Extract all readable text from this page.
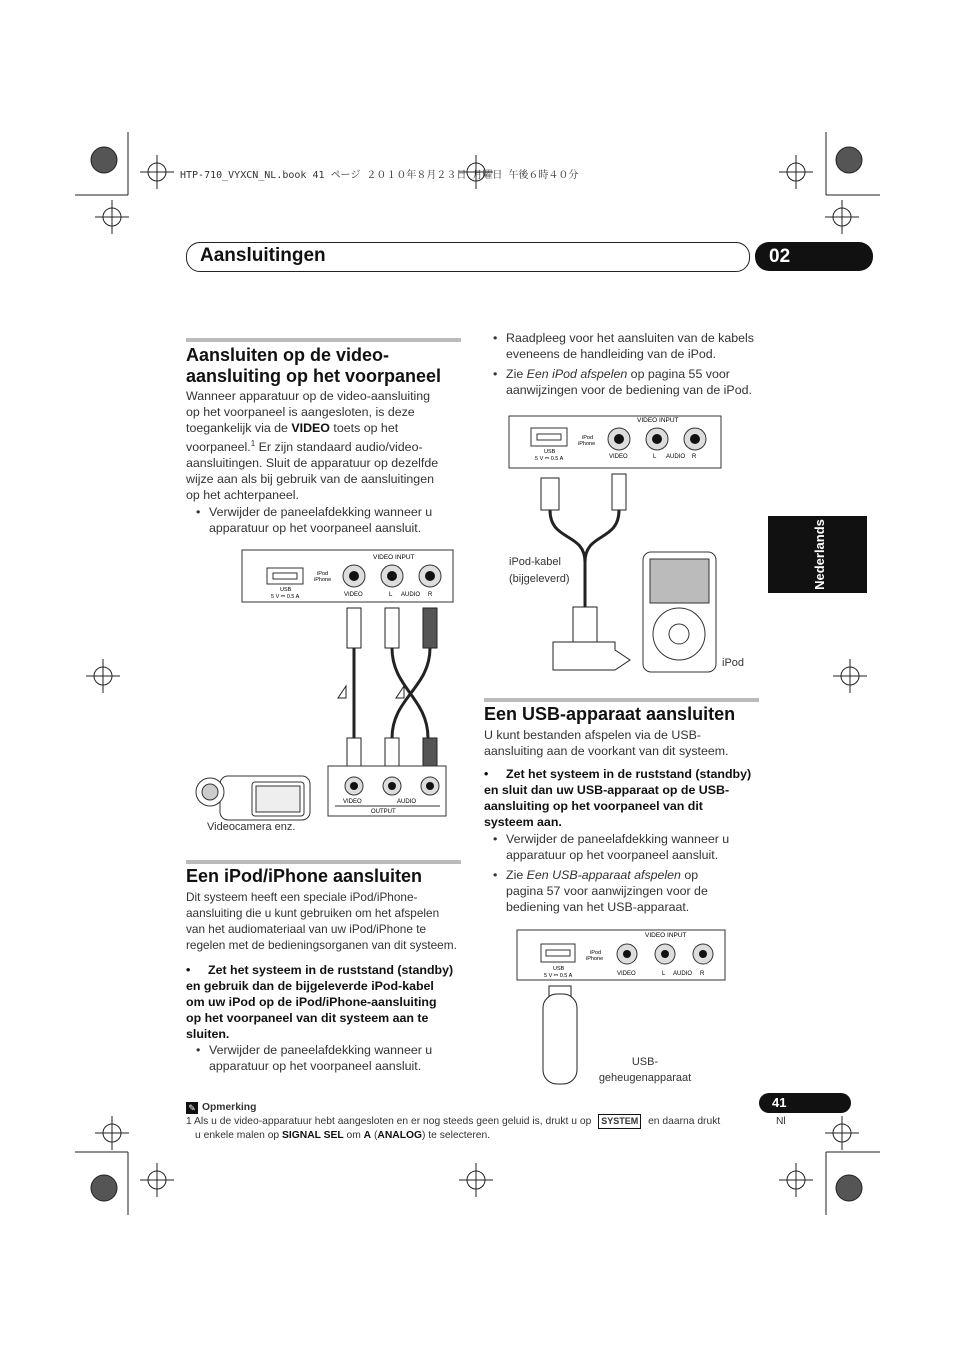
HTP-710_VYXCN_NL.book 41 ページ ２０１０年８月２３日 月曜日 午後６時４０分
Aansluitingen	02
Nederlands
Aansluiten op de video-
aansluiting op het voorpaneel
Wanneer apparatuur op de video-aansluiting
op het voorpaneel is aangesloten, is deze
toegankelijk via de VIDEO toets op het
voorpaneel.$^1$ Er zijn standaard audio/video-
aansluitingen. Sluit de apparatuur op dezelfde
wijze aan als bij gebruik van de aansluitingen
op het achterpaneel.
• Verwijder de paneelafdekking wanneer u
apparatuur op het voorpaneel aansluit.
VIDEO INPUT
iPod
iPhone
USB
5 V ⎓ 0.5 A	VIDEO	L AUDIO R
VIDEO	AUDIO
OUTPUT
Videocamera enz.
Een iPod/iPhone aansluiten
Dit systeem heeft een speciale iPod/iPhone-
aansluiting die u kunt gebruiken om het afspelen
van het audiomateriaal van uw iPod/iPhone te
regelen met de bedieningsorganen van dit systeem.
• Zet het systeem in de ruststand (standby)
en gebruik dan de bijgeleverde iPod-kabel
om uw iPod op de iPod/iPhone-aansluiting
op het voorpaneel van dit systeem aan te
sluiten.
• Verwijder de paneelafdekking wanneer u
apparatuur op het voorpaneel aansluit.
• Raadpleeg voor het aansluiten van de kabels
eveneens de handleiding van de iPod.
• Zie Een iPod afspelen op pagina 55 voor
aanwijzingen voor de bediening van de iPod.
VIDEO INPUT
iPod
iPhone
USB
5 V ⎓ 0.5 A	VIDEO	L AUDIO R
iPod-kabel
(bijgeleverd)
iPod
Een USB-apparaat aansluiten
U kunt bestanden afspelen via de USB-
aansluiting aan de voorkant van dit systeem.
• Zet het systeem in de ruststand (standby)
en sluit dan uw USB-apparaat op de USB-
aansluiting op het voorpaneel van dit
systeem aan.
• Verwijder de paneelafdekking wanneer u
apparatuur op het voorpaneel aansluit.
• Zie Een USB-apparaat afspelen op
pagina 57 voor aanwijzingen voor de
bediening van het USB-apparaat.
VIDEO INPUT
iPod
iPhone
USB
5 V ⎓ 0.5 A	VIDEO	L AUDIO R
USB-
geheugenapparaat
✎ Opmerking
1 Als u de video-apparatuur hebt aangesloten en er nog steeds geen geluid is, drukt u op SYSTEM en daarna drukt
u enkele malen op SIGNAL SEL om A (ANALOG) te selecteren.
41
Nl
